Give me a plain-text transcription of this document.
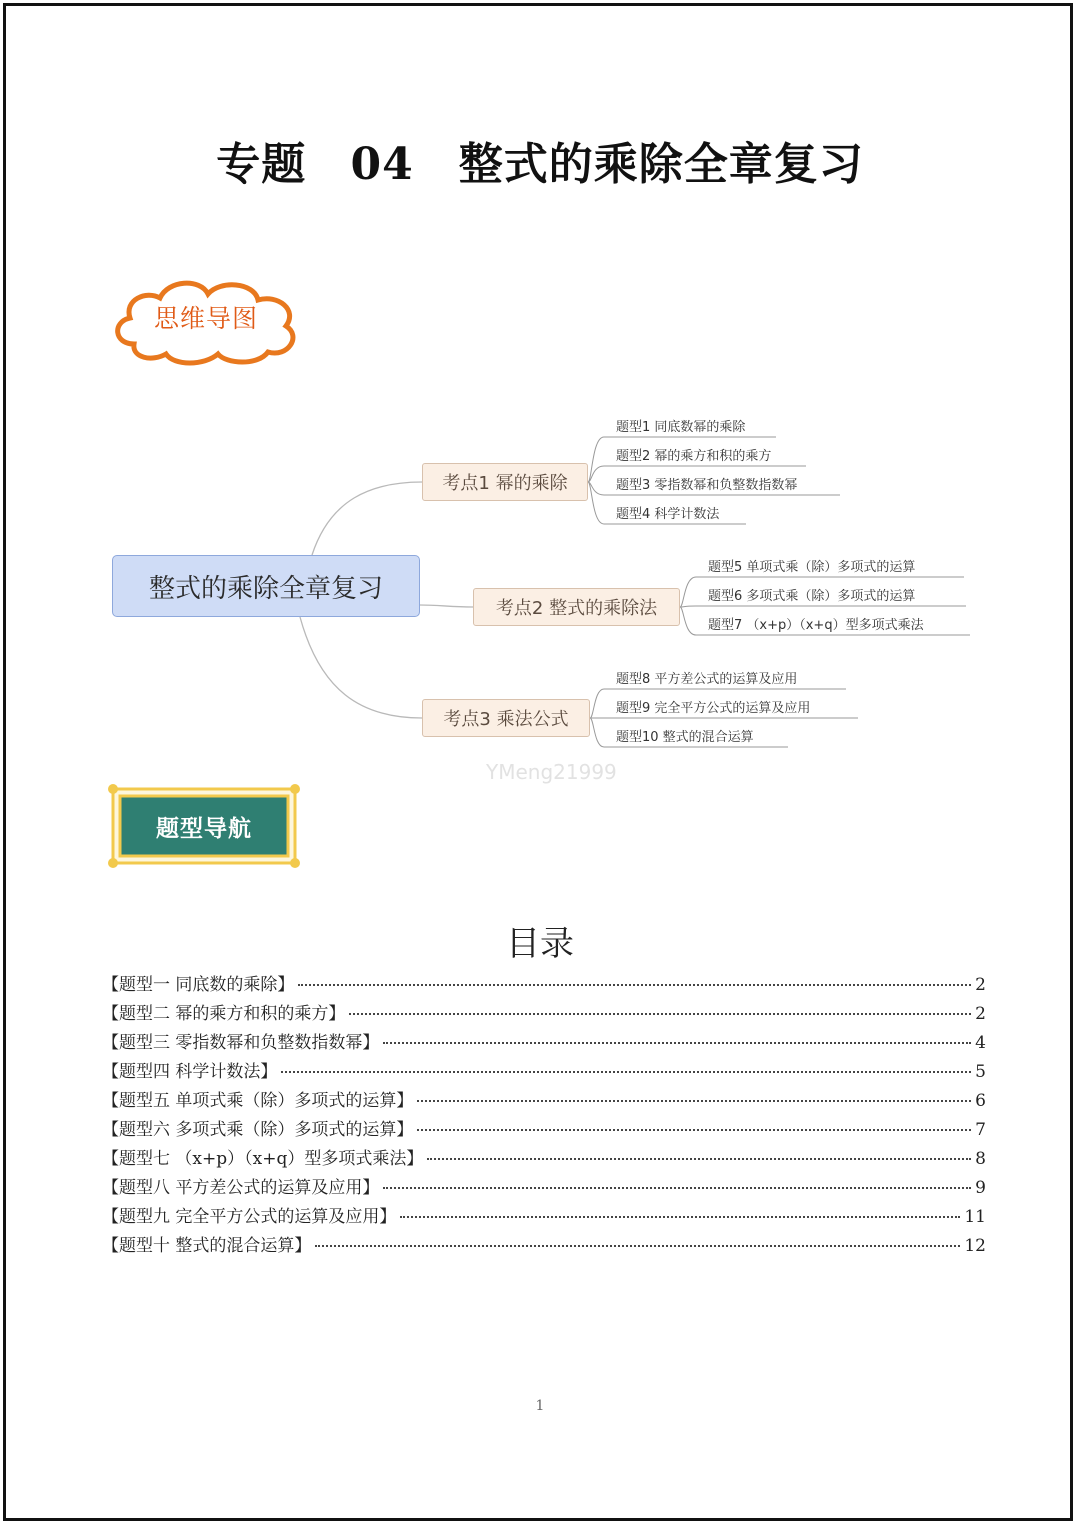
专题 04　整式的乘除全章复习
思维导图
整式的乘除全章复习
考点1 幂的乘除
考点2 整式的乘除法
考点3 乘法公式
题型1 同底数幂的乘除
题型2 幂的乘方和积的乘方
题型3 零指数幂和负整数指数幂
题型4 科学计数法
题型5 单项式乘（除）多项式的运算
题型6 多项式乘（除）多项式的运算
题型7 （x+p）（x+q）型多项式乘法
题型8 平方差公式的运算及应用
题型9 完全平方公式的运算及应用
题型10 整式的混合运算
YMeng21999
题型导航
目录
【题型一 同底数的乘除】	2
【题型二 幂的乘方和积的乘方】	2
【题型三 零指数幂和负整数指数幂】	4
【题型四 科学计数法】	5
【题型五 单项式乘（除）多项式的运算】	6
【题型六 多项式乘（除）多项式的运算】	7
【题型七 （x+p）（x+q）型多项式乘法】	8
【题型八 平方差公式的运算及应用】	9
【题型九 完全平方公式的运算及应用】	11
【题型十 整式的混合运算】	12
1
